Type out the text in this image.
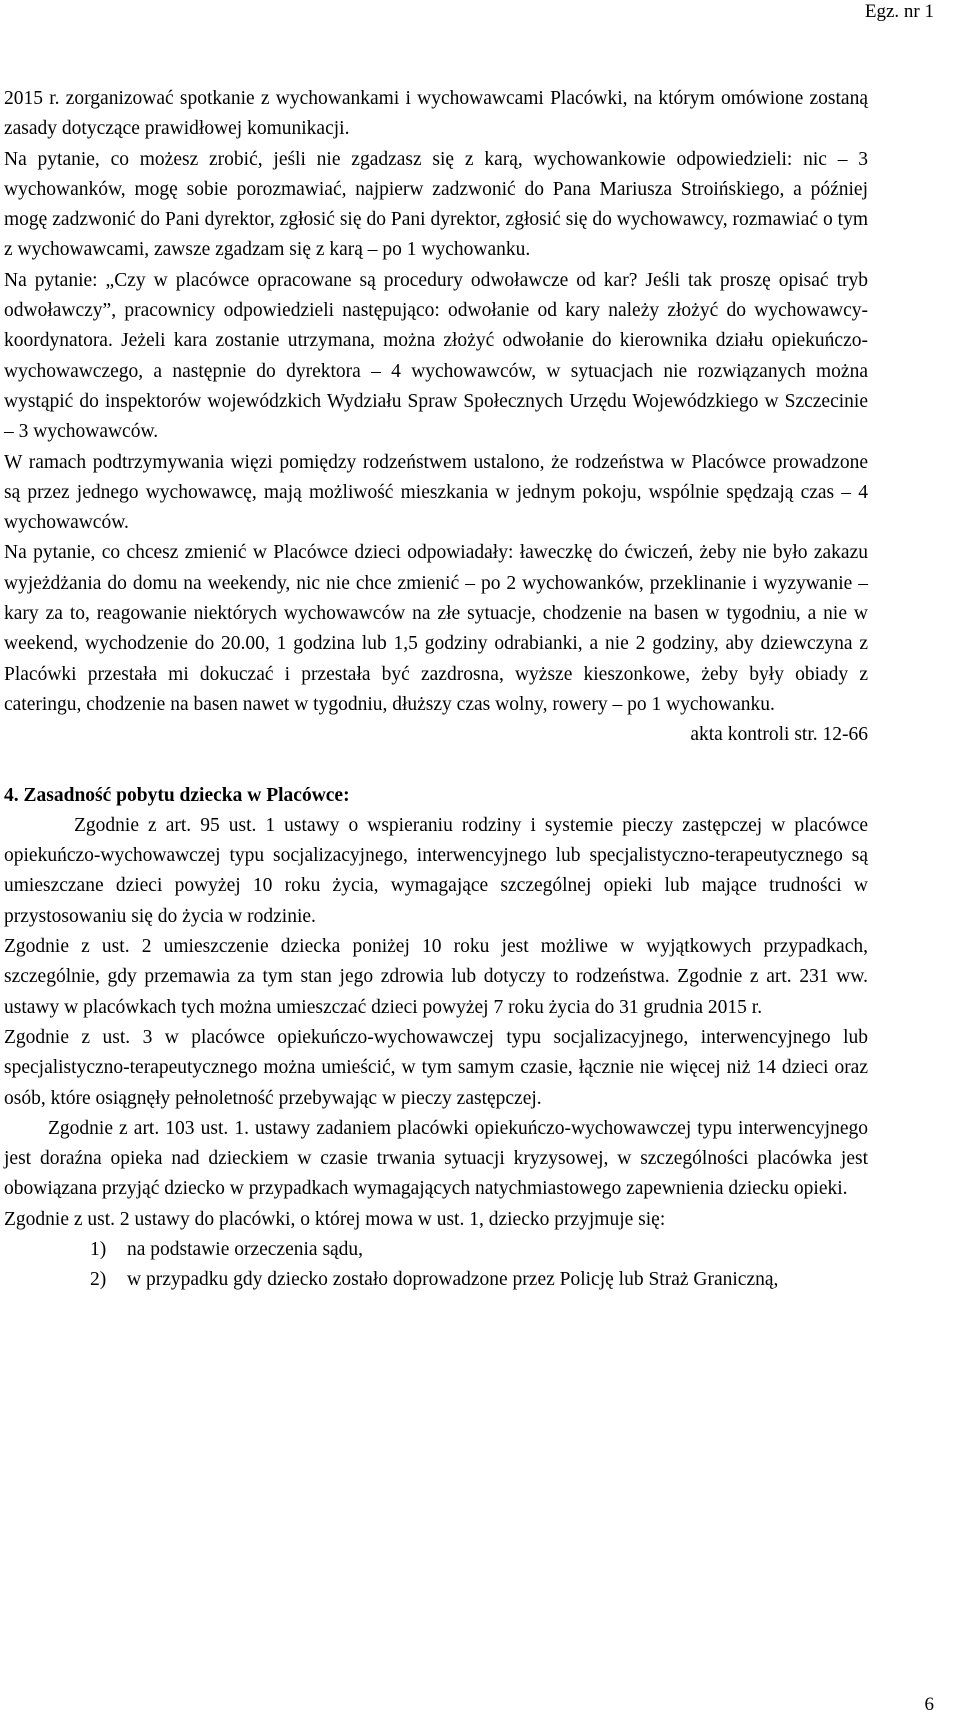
Egz. nr 1

2015 r. zorganizować spotkanie z wychowankami i wychowawcami Placówki, na którym omówione zostaną zasady dotyczące prawidłowej komunikacji.

Na pytanie, co możesz zrobić, jeśli nie zgadzasz się z karą, wychowankowie odpowiedzieli: nic – 3 wychowanków, mogę sobie porozmawiać, najpierw zadzwonić do Pana Mariusza Stroińskiego, a później mogę zadzwonić do Pani dyrektor, zgłosić się do Pani dyrektor, zgłosić się do wychowawcy, rozmawiać o tym z wychowawcami, zawsze zgadzam się z karą – po 1 wychowanku.

Na pytanie: „Czy w placówce opracowane są procedury odwoławcze od kar? Jeśli tak proszę opisać tryb odwoławczy”, pracownicy odpowiedzieli następująco: odwołanie od kary należy złożyć do wychowawcy-koordynatora. Jeżeli kara zostanie utrzymana, można złożyć odwołanie do kierownika działu opiekuńczo-wychowawczego, a następnie do dyrektora – 4 wychowawców, w sytuacjach nie rozwiązanych można wystąpić do inspektorów wojewódzkich Wydziału Spraw Społecznych Urzędu Wojewódzkiego w Szczecinie – 3 wychowawców.

W ramach podtrzymywania więzi pomiędzy rodzeństwem ustalono, że rodzeństwa w Placówce prowadzone są przez jednego wychowawcę, mają możliwość mieszkania w jednym pokoju, wspólnie spędzają czas – 4 wychowawców.

Na pytanie, co chcesz zmienić w Placówce dzieci odpowiadały: ławeczkę do ćwiczeń, żeby nie było zakazu wyjeżdżania do domu na weekendy, nic nie chce zmienić – po 2 wychowanków, przeklinanie i wyzywanie – kary za to, reagowanie niektórych wychowawców na złe sytuacje, chodzenie na basen w tygodniu, a nie w weekend, wychodzenie do 20.00, 1 godzina lub 1,5 godziny odrabianki, a nie 2 godziny, aby dziewczyna z Placówki przestała mi dokuczać i przestała być zazdrosna, wyższe kieszonkowe, żeby były obiady z cateringu, chodzenie na basen nawet w tygodniu, dłuższy czas wolny, rowery – po 1 wychowanku.

akta kontroli str. 12-66

4. Zasadność pobytu dziecka w Placówce:

Zgodnie z art. 95 ust. 1 ustawy o wspieraniu rodziny i systemie pieczy zastępczej w placówce opiekuńczo-wychowawczej typu socjalizacyjnego, interwencyjnego lub specjalistyczno-terapeutycznego są umieszczane dzieci powyżej 10 roku życia, wymagające szczególnej opieki lub mające trudności w przystosowaniu się do życia w rodzinie.

Zgodnie z ust. 2 umieszczenie dziecka poniżej 10 roku jest możliwe w wyjątkowych przypadkach, szczególnie, gdy przemawia za tym stan jego zdrowia lub dotyczy to rodzeństwa. Zgodnie z art. 231 ww. ustawy w placówkach tych można umieszczać dzieci powyżej 7 roku życia do 31 grudnia 2015 r.

Zgodnie z ust. 3 w placówce opiekuńczo-wychowawczej typu socjalizacyjnego, interwencyjnego lub specjalistyczno-terapeutycznego można umieścić, w tym samym czasie, łącznie nie więcej niż 14 dzieci oraz osób, które osiągnęły pełnoletność przebywając w pieczy zastępczej.

Zgodnie z art. 103 ust. 1. ustawy zadaniem placówki opiekuńczo-wychowawczej typu interwencyjnego jest doraźna opieka nad dzieckiem w czasie trwania sytuacji kryzysowej, w szczególności placówka jest obowiązana przyjąć dziecko w przypadkach wymagających natychmiastowego zapewnienia dziecku opieki.

Zgodnie z ust. 2 ustawy do placówki, o której mowa w ust. 1, dziecko przyjmuje się:

1) na podstawie orzeczenia sądu,
2) w przypadku gdy dziecko zostało doprowadzone przez Policję lub Straż Graniczną,
6
